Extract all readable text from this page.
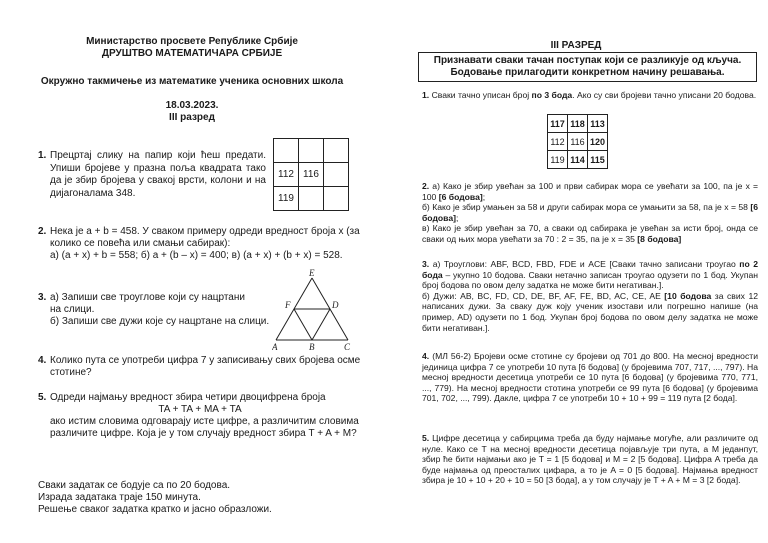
Министарство просвете Републике Србије
ДРУШТВО МАТЕМАТИЧАРА СРБИЈЕ
Окружно такмичење из математике ученика основних школа
18.03.2023.
III разред
1. Прецртај слику на папир који ћеш предати. Упиши бројеве у празна поља квадрата тако да је збир бројева у свакој врсти, колони и на дијагоналама 348.

112	116	
119		
2. Нека је a + b = 458. У сваком примеру одреди вредност броја x (за
колико се повећа или смањи сабирак):
а) (a + x) + b = 558; б) a + (b – x) = 400; в) (a + x) + (b + x) = 528.
3. а) Запиши све троуглове који су нацртани
на слици.
б) Запиши све дужи које су нацртане на слици.
E
F	D
A	B	C
4. Колико пута се употреби цифра 7 у записивању свих бројева осме
стотине?
5. Одреди најмању вредност збира четири двоцифрена броја
TA + TA + MA + TA
ако истим словима одговарају исте цифре, а различитим словима
различите цифре. Која је у том случају вредност збира T + A + M?
Сваки задатак се бодује са по 20 бодова.
Израда задатака траје 150 минута.
Решење сваког задатка кратко и јасно образложи.
III РАЗРЕД
Признавати сваки тачан поступак који се разликује од кључа.
Бодовање прилагодити конкретном начину решавања.
1. Сваки тачно уписан број по 3 бода. Ако су сви бројеви тачно уписани 20 бодова.
117	118	113
112	116	120
119	114	115
2. а) Како је збир увећан за 100 и први сабирак мора се увећати за 100, па је x = 100 [6 бодова];
б) Како је збир умањен за 58 и други сабирак мора се умањити за 58, па је x = 58 [6 бодова];
в) Како је збир увећан за 70, а сваки од сабирака је увећан за исти број, онда се сваки од њих мора увећати за 70 : 2 = 35, па је x = 35 [8 бодова]
3. а) Троуглови: ABF, BCD, FBD, FDE и ACE [Сваки тачно записани троугао по 2 бода – укупно 10 бодова. Сваки нетачно записан троугао одузети по 1 бод. Укупан број бодова по овом делу задатка не може бити негативан.].
б) Дужи: AB, BC, FD, CD, DE, BF, AF, FE, BD, AC, CE, AE [10 бодова за свих 12 написаних дужи. За сваку дуж коју ученик изостави или погрешно напише (на пример, AD) одузети по 1 бод. Укупан број бодова по овом делу задатка не може бити негативан.].
4. (МЛ 56-2) Бројеви осме стотине су бројеви од 701 до 800. На месној вредности јединица цифра 7 се употреби 10 пута [6 бодова] (у бројевима 707, 717, ..., 797). На месној вредности десетица употреби се 10 пута [6 бодова] (у бројевима 770, 771, ..., 779). На месној вредности стотина употреби се 99 пута [6 бодова] (у бројевима 701, 702, ..., 799). Дакле, цифра 7 се употреби 10 + 10 + 99 = 119 пута [2 бода].
5. Цифре десетица у сабирцима треба да буду најмање могуће, али различите од нуле. Како се T на месној вредности десетица појављује три пута, а M једанпут, збир ће бити најмањи ако је T = 1 [5 бодова] и M = 2 [5 бодова]. Цифра A треба да буде најмања од преосталих цифара, а то је A = 0 [5 бодова]. Најмања вредност збира је 10 + 10 + 20 + 10 = 50 [3 бода], а у том случају је T + A + M = 3 [2 бода].
